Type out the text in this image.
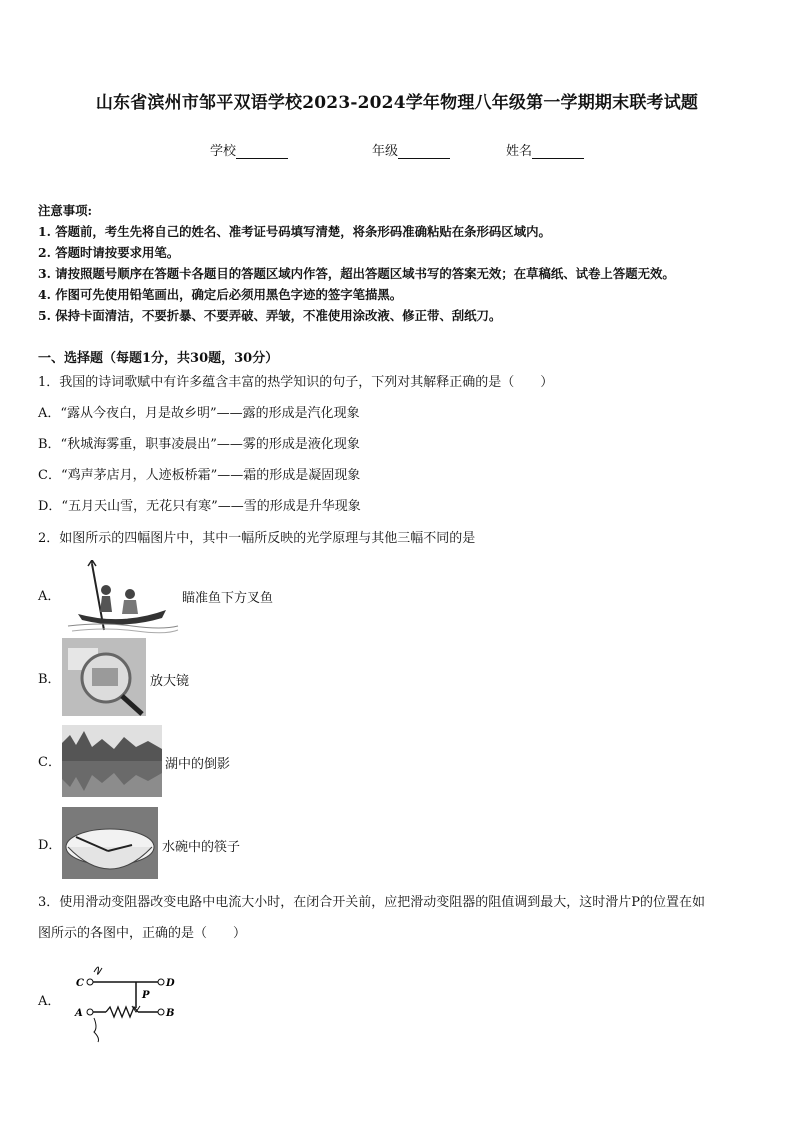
山东省滨州市邹平双语学校2023-2024学年物理八年级第一学期期末联考试题
学校	年级	姓名
注意事项:
1. 答题前，考生先将自己的姓名、准考证号码填写清楚，将条形码准确粘贴在条形码区域内。
2. 答题时请按要求用笔。
3. 请按照题号顺序在答题卡各题目的答题区域内作答，超出答题区域书写的答案无效；在草稿纸、试卷上答题无效。
4. 作图可先使用铅笔画出，确定后必须用黑色字迹的签字笔描黑。
5. 保持卡面清洁，不要折暴、不要弄破、弄皱，不准使用涂改液、修正带、刮纸刀。
一、选择题（每题1分，共30题，30分）
1．我国的诗词歌赋中有许多蕴含丰富的热学知识的句子，下列对其解释正确的是（　　）
A．“露从今夜白，月是故乡明”——露的形成是汽化现象
B．“秋城海雾重，职事凌晨出”——雾的形成是液化现象
C．“鸡声茅店月，人迹板桥霜”——霜的形成是凝固现象
D．“五月天山雪，无花只有寒”——雪的形成是升华现象
2．如图所示的四幅图片中，其中一幅所反映的光学原理与其他三幅不同的是
A．	瞄准鱼下方叉鱼
B．	放大镜
C．	湖中的倒影
D．	水碗中的筷子
3．使用滑动变阻器改变电路中电流大小时，在闭合开关前，应把滑动变阻器的阻值调到最大，这时滑片P的位置在如
图所示的各图中，正确的是（　　）
A．
C	D
A	B
P
